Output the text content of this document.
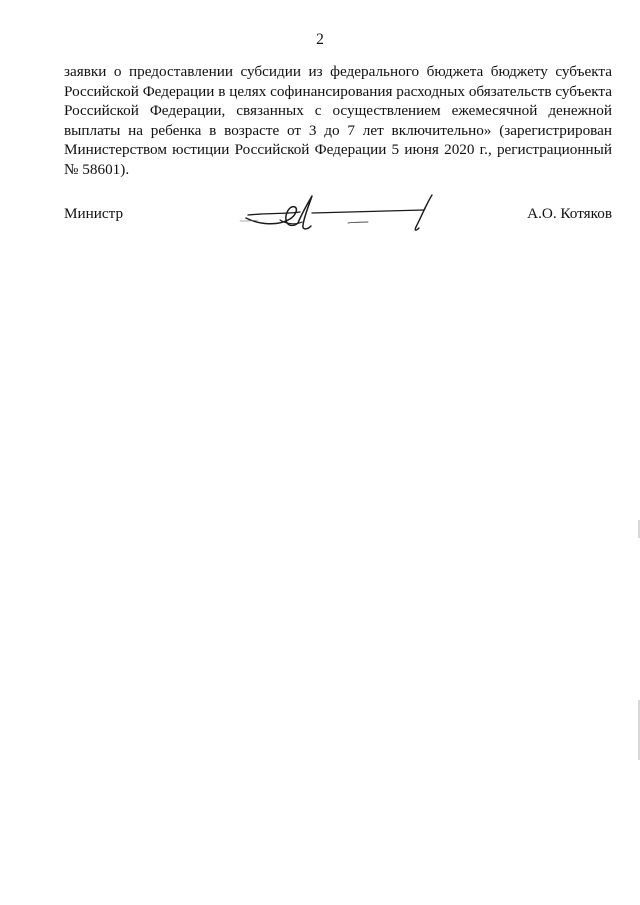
2

заявки о предоставлении субсидии из федерального бюджета бюджету субъекта Российской Федерации в целях софинансирования расходных обязательств субъекта Российской Федерации, связанных с осуществлением ежемесячной денежной выплаты на ребенка в возрасте от 3 до 7 лет включительно» (зарегистрирован Министерством юстиции Российской Федерации 5 июня 2020 г., регистрационный № 58601).

Министр	А.О. Котяков
